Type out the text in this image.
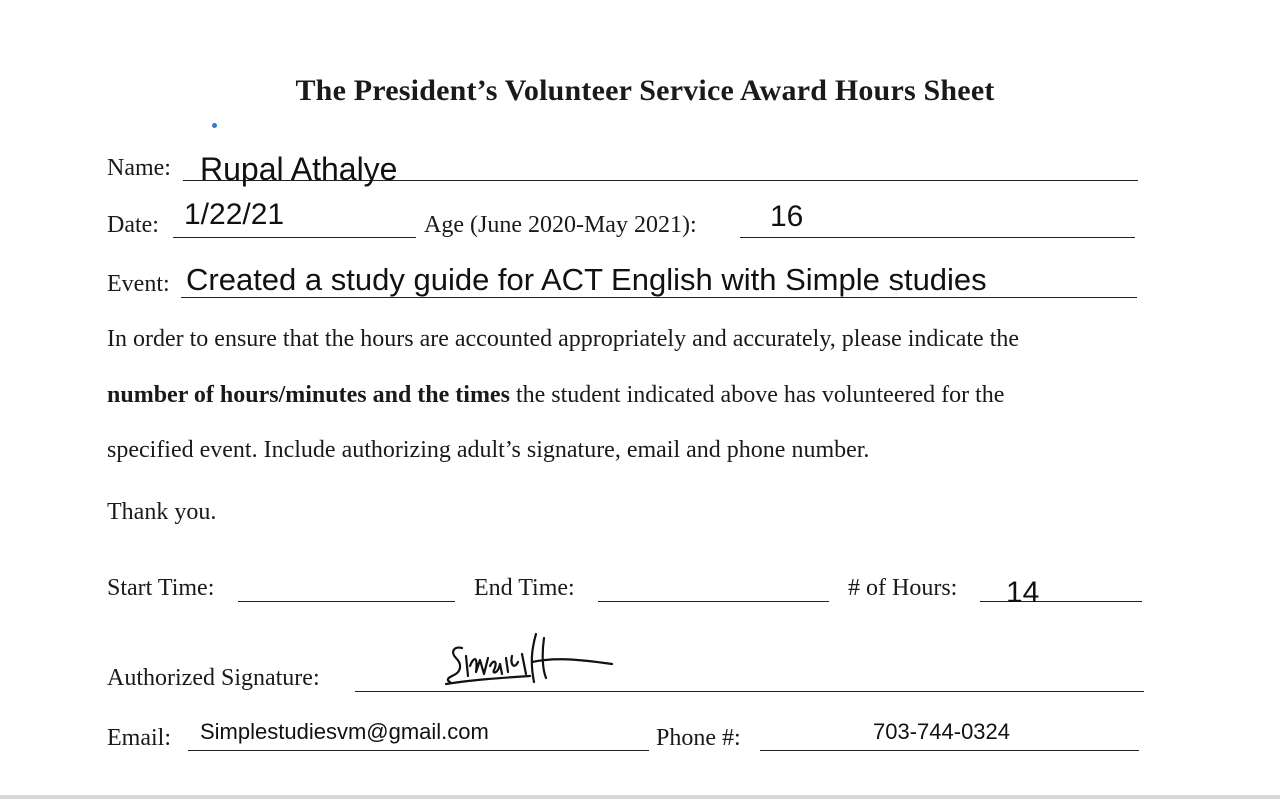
The President’s Volunteer Service Award Hours Sheet
Name: Rupal Athalye
Date: 1/22/21	Age (June 2020-May 2021): 16
Event: Created a study guide for ACT English with Simple studies
In order to ensure that the hours are accounted appropriately and accurately, please indicate the
number of hours/minutes and the times the student indicated above has volunteered for the
specified event. Include authorizing adult’s signature, email and phone number.
Thank you.
Start Time:	End Time:	# of Hours: 14
Authorized Signature:
Email: Simplestudiesvm@gmail.com	Phone #:	703-744-0324
